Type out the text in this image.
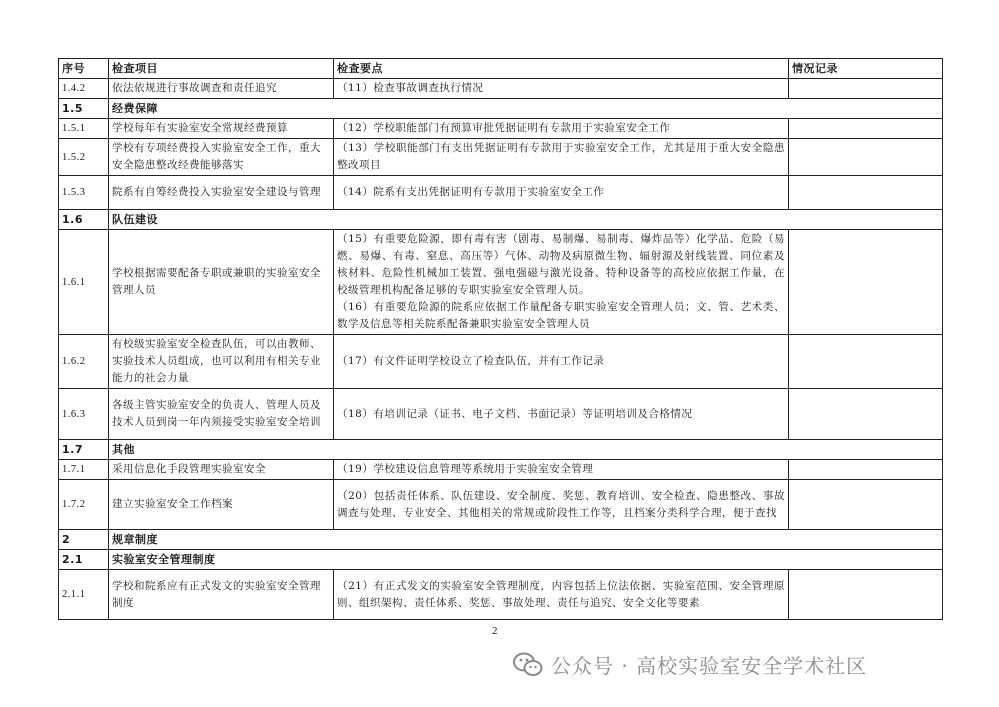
序号	检查项目	检查要点	情况记录
1.4.2	依法依规进行事故调查和责任追究	（11）检查事故调查执行情况	

1.5	经费保障		
1.5.1	学校每年有实验室安全常规经费预算	（12）学校职能部门有预算审批凭据证明有专款用于实验室安全工作	

1.5.2	学校有专项经费投入实验室安全工作，重大安全隐患整改经费能够落实	（13）学校职能部门有支出凭据证明有专款用于实验室安全工作，尤其是用于重大安全隐患整改项目	

1.5.3	院系有自筹经费投入实验室安全建设与管理	（14）院系有支出凭据证明有专款用于实验室安全工作	

1.6	队伍建设		
1.6.1	学校根据需要配备专职或兼职的实验室安全管理人员	（15）有重要危险源，即有毒有害（剧毒、易制爆、易制毒、爆炸品等）化学品、危险（易燃、易爆、有毒、窒息、高压等）气体、动物及病原微生物、辐射源及射线装置、同位素及核材料、危险性机械加工装置、强电强磁与激光设备、特种设备等的高校应依据工作量，在校级管理机构配备足够的专职实验室安全管理人员。
（16）有重要危险源的院系应依据工作量配备专职实验室安全管理人员；文、管、艺术类、数学及信息等相关院系配备兼职实验室安全管理人员	

1.6.2	有校级实验室安全检查队伍，可以由教师、实验技术人员组成，也可以利用有相关专业能力的社会力量	（17）有文件证明学校设立了检查队伍，并有工作记录	

1.6.3	各级主管实验室安全的负责人、管理人员及技术人员到岗一年内须接受实验室安全培训	（18）有培训记录（证书、电子文档、书面记录）等证明培训及合格情况	

1.7	其他		
1.7.1	采用信息化手段管理实验室安全	（19）学校建设信息管理等系统用于实验室安全管理	

1.7.2	建立实验室安全工作档案	（20）包括责任体系、队伍建设、安全制度、奖惩、教育培训、安全检查、隐患整改、事故调查与处理、专业安全、其他相关的常规或阶段性工作等，且档案分类科学合理，便于查找	

2	规章制度		
2.1	实验室安全管理制度		
2.1.1	学校和院系应有正式发文的实验室安全管理制度	（21）有正式发文的实验室安全管理制度，内容包括上位法依据、实验室范围、安全管理原则、组织架构、责任体系、奖惩、事故处理、责任与追究、安全文化等要素	

2
公众号 · 高校实验室安全学术社区
